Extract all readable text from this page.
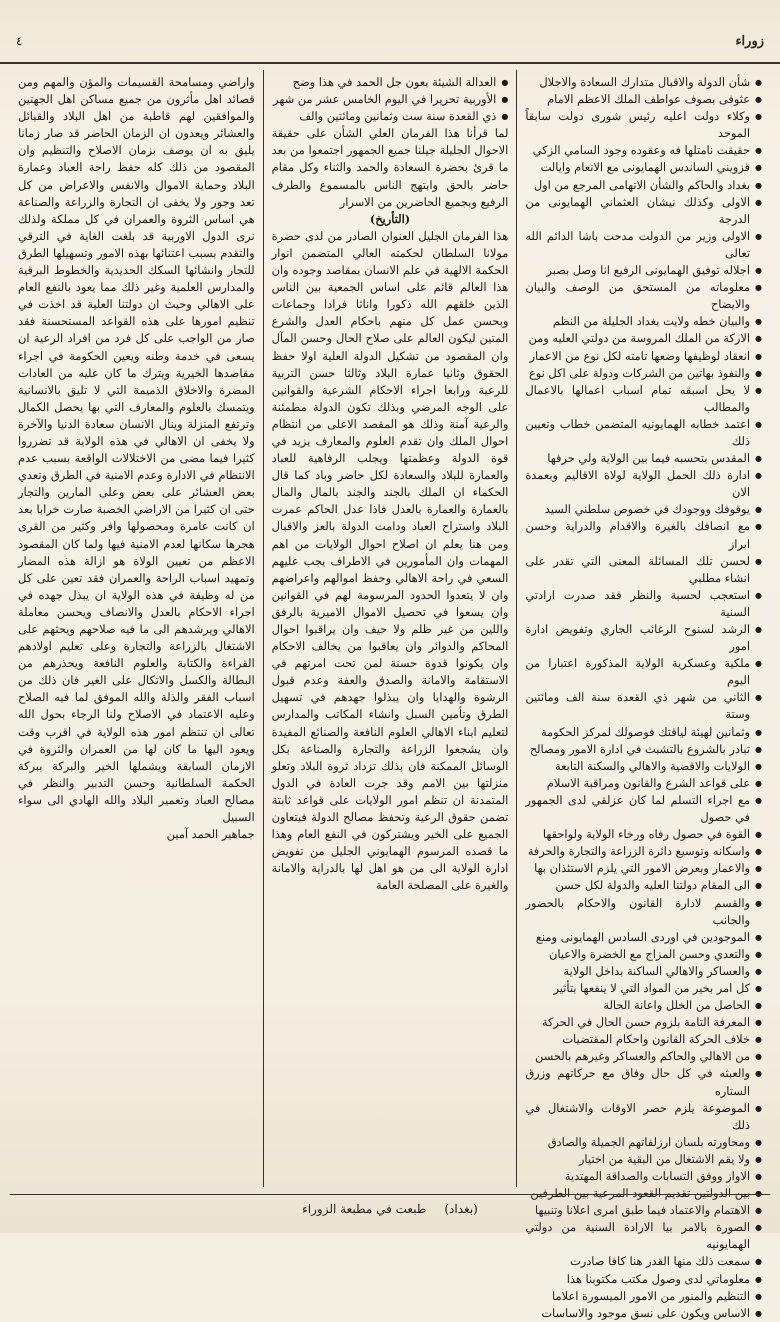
٤	زوراء
● شأن الدولة والاقبال متدارك السعادة والاجلال
● عثوفى بصوف عواطف الملك الاعظم الامام
● وكلاء دولت اعليه رئيس شورى دولت سابقاً الموحد
● حقيقت نامتلها فه وعقوده وجود السامي الزكي
● قزويني الساندس الهمايونى مع الانعام وايالت
● بغداد والحاكم والشأن الاتهامى المرجع من اول
● الاولى وكذلك نيشان العثماني الهمايونى من الدرجة
● الاولى وزير من الدولت مدحت باشا الدائم الله تعالى
● اجلاله توفيق الهمايونى الرفيع انا وصل بصبر
● معلوماته من المستحق من الوصف والبيان والايضاح
● والبيان خطه ولايت بغداد الجليلة من النظم
● الاركة من الملك المروسة من دولتي العليه ومن
● انعقاد لوظيفها وضعها تامته لكل نوع من الاعمار
● والنفوذ بهاتين من الشركات ودولة على اكل نوع
● لا يحل اسبقه تمام اسباب اعمالها بالاعمال والمطالب
● اعتمد خطابه الهمايونيه المتضمن خطاب وتعيين ذلك
● المقدس بتحسبه فيما بين الولاية ولي حرفها
● ادارة ذلك الحمل الولاية لولاة الاقاليم وبعمدة الان
● يوقوفك ووجودك في خصوص سلطني السيد
● مع انصافك بالغيرة والاقدام والدراية وحسن ابراز
● لحسن تلك المسائلة المعنى التي تقدر على انشاء مطلبي
● استعجب لحسبة والنظر فقد صدرت ارادتي السنية
● الرشد لسنوح الرغائب الجاري وتفويض ادارة امور
● ملكية وعسكرية الولاية المذكورة اعتبارا من اليوم
● الثاني من شهر ذي القعدة سنة الف ومائتين وستة
● وثمانين لهيئة لياقتك فوصولك لمركز الحكومة
● تبادر بالشروع بالتشبث في ادارة الامور ومصالح
● الولايات والاقضية والاهالي والسكنة التابعة
● على قواعد الشرع والقانون ومراقبة الاسلام
● مع اجراء التسلم لما كان عزلقي لدى الجمهور في حصول
● القوة في حصول رفاه ورخاء الولاية ولواحقها
● واسكانه وتوسيع دائرة الزراعة والتجارة والحرفة
● والاعمار وبعرض الامور التي يلزم الاستئذان بها
● الى المقام دولتنا العليه والدولة لكل حسن
● والقسم لادارة القانون والاحكام بالحضور والجانب
● الموجودين في اوردى السادس الهمايونى ومنع
● والتعدي وحسن المزاج مع الخضرة والاعيان
● والعساكر والاهالي الساكنة بداخل الولاية
● كل امر بخير من المواد التي لا ينفعها بتأثير
● الحاصل من الخلل واعانة الحالة
● المعرفة التامة بلزوم حسن الحال في الحركة
● خلاف الحركة القانون واحكام المقتضيات
● من الاهالي والحاكم والعساكر وغيرهم بالحسن
● والعبثه في كل حال وفاق مع حركاتهم وزرق الستاره
● الموضوعة يلزم حصر الاوقات والاشتغال في ذلك
● ومحاورته بلسان ارزلفاتهم الجميلة والصادق
● ولا يقم الاشتغال من البقية من اختيار
● الاواز ووفق التسابات والصداقة المهتدية
● بين الدولتين تقديم القعود المرعية بين الطرفين
● الاهتمام والاعتماد فيما طبق امرى اعلانا وتنبيها
● الصورة بالامر بيا الارادة السنية من دولتي الهمايونيه
● سمعت ذلك منها القدر هنا كافا صادرت
● معلوماتي لدى وصول مكتب مكتوبنا هذا
● التنظيم والمنور من الامور الميسورة اعلاما
● الاساس ويكون على نسق موجود والاساسات
● العدالة الشيئة بعون جل الحمد في هذا وضح
● الأوربية تحريرا في اليوم الخامس عشر من شهر
● ذي القعدة سنة ست وثمانين ومائتين والف

لما قرأنا هذا الفرمان العلي الشأن على حقيقة الاحوال الجليلة جيلنا جميع الجمهور اجتمعوا من بعد ما قرئ بحضرة السعادة والحمد والثناء وكل مقام حاضر بالحق وابتهج الناس بالمسموع والطرف الرفيع وبجميع الحاضرين من الاسرار

(التأريخ)

هذا الفرمان الجليل العنوان الصادر من لدى حضرة مولانا السلطان لحكمته العالي المتضمن انوار الحكمة الالهية في علم الانسان بمقاصد وجوده وان هذا العالم قائم على اساس الجمعية بين الناس الذين خلقهم الله ذكورا واناثا فرادا وجماعات وبحسن عمل كل منهم باحكام العدل والشرع المتين ليكون العالم على صلاح الحال وحسن المآل وان المقصود من تشكيل الدولة العلية اولا حفظ الحقوق وثانيا عمارة البلاد وثالثا حسن التربية للرعية ورابعا اجراء الاحكام الشرعية والقوانين على الوجه المرضي وبذلك تكون الدولة مطمئنة والرعية آمنة وذلك هو المقصد الاعلى من انتظام احوال الملك وان تقدم العلوم والمعارف يزيد في قوة الدولة وعظمتها ويجلب الرفاهية للعباد والعمارة للبلاد والسعادة لكل حاضر وباد كما قال الحكماء ان الملك بالجند والجند بالمال والمال بالعمارة والعمارة بالعدل فاذا عدل الحاكم عمرت البلاد واستراح العباد ودامت الدولة بالعز والاقبال ومن هنا يعلم ان اصلاح احوال الولايات من اهم المهمات وان المأمورين في الاطراف يجب عليهم السعي في راحة الاهالي وحفظ اموالهم واعراضهم وان لا يتعدوا الحدود المرسومة لهم في القوانين وان يسعوا في تحصيل الاموال الاميرية بالرفق واللين من غير ظلم ولا حيف وان يراقبوا احوال المحاكم والدوائر وان يعاقبوا من يخالف الاحكام وان يكونوا قدوة حسنة لمن تحت امرتهم في الاستقامة والامانة والصدق والعفة وعدم قبول الرشوة والهدايا وان يبذلوا جهدهم في تسهيل الطرق وتأمين السبل وانشاء المكاتب والمدارس لتعليم ابناء الاهالي العلوم النافعة والصنائع المفيدة وان يشجعوا الزراعة والتجارة والصناعة بكل الوسائل الممكنة فان بذلك تزداد ثروة البلاد وتعلو منزلتها بين الامم وقد جرت العادة في الدول المتمدنة ان تنظم امور الولايات على قواعد ثابتة تضمن حقوق الرعية وتحفظ مصالح الدولة فيتعاون الجميع على الخير ويشتركون في النفع العام وهذا ما قصده المرسوم الهمايوني الجليل من تفويض ادارة الولاية الى من هو اهل لها بالدراية والامانة والغيرة على المصلحة العامة

واراضي ومسامحة القسيمات والمؤن والمهم ومن قصائد اهل مأثرون من جميع مساكن اهل الجهتين والموافقين لهم قاطبة من اهل البلاد والقبائل والعشائر ويعدون ان الزمان الحاضر قد صار زمانا يليق به ان يوصف بزمان الاصلاح والتنظيم وان المقصود من ذلك كله حفظ راحة العباد وعمارة البلاد وحماية الاموال والانفس والاعراض من كل تعد وجور ولا يخفى ان التجارة والزراعة والصناعة هي اساس الثروة والعمران في كل مملكة ولذلك نرى الدول الاوربية قد بلغت الغاية في الترقي والتقدم بسبب اعتنائها بهذه الامور وتسهيلها الطرق للتجار وانشائها السكك الحديدية والخطوط البرقية والمدارس العلمية وغير ذلك مما يعود بالنفع العام على الاهالي وحيث ان دولتنا العلية قد اخذت في تنظيم امورها على هذه القواعد المستحسنة فقد صار من الواجب على كل فرد من افراد الرعية ان يسعى في خدمة وطنه ويعين الحكومة في اجراء مقاصدها الخيرية ويترك ما كان عليه من العادات المضرة والاخلاق الذميمة التي لا تليق بالانسانية ويتمسك بالعلوم والمعارف التي بها يحصل الكمال وترتفع المنزلة وينال الانسان سعادة الدنيا والآخرة ولا يخفى ان الاهالي في هذه الولاية قد تضرروا كثيرا فيما مضى من الاختلالات الواقعة بسبب عدم الانتظام في الادارة وعدم الامنية في الطرق وتعدي بعض العشائر على بعض وعلى المارين والتجار حتى ان كثيرا من الاراضي الخصبة صارت خرابا بعد ان كانت عامرة ومحصولها وافر وكثير من القرى هجرها سكانها لعدم الامنية فيها ولما كان المقصود الاعظم من تعيين الولاة هو ازالة هذه المضار وتمهيد اسباب الراحة والعمران فقد تعين على كل من له وظيفة في هذه الولاية ان يبذل جهده في اجراء الاحكام بالعدل والانصاف ويحسن معاملة الاهالي ويرشدهم الى ما فيه صلاحهم ويحثهم على الاشتغال بالزراعة والتجارة وعلى تعليم اولادهم القراءة والكتابة والعلوم النافعة ويحذرهم من البطالة والكسل والاتكال على الغير فان ذلك من اسباب الفقر والذلة والله الموفق لما فيه الصلاح وعليه الاعتماد في الاصلاح ولنا الرجاء بحول الله تعالى ان تنتظم امور هذه الولاية في اقرب وقت ويعود اليها ما كان لها من العمران والثروة في الازمان السابقة ويشملها الخير والبركة ببركة الحكمة السلطانية وحسن التدبير والنظر في مصالح العباد وتعمير البلاد والله الهادي الى سواء السبيل

جماهير الحمد آمين

(بغداد)
طبعت في مطبعة الزوراء
